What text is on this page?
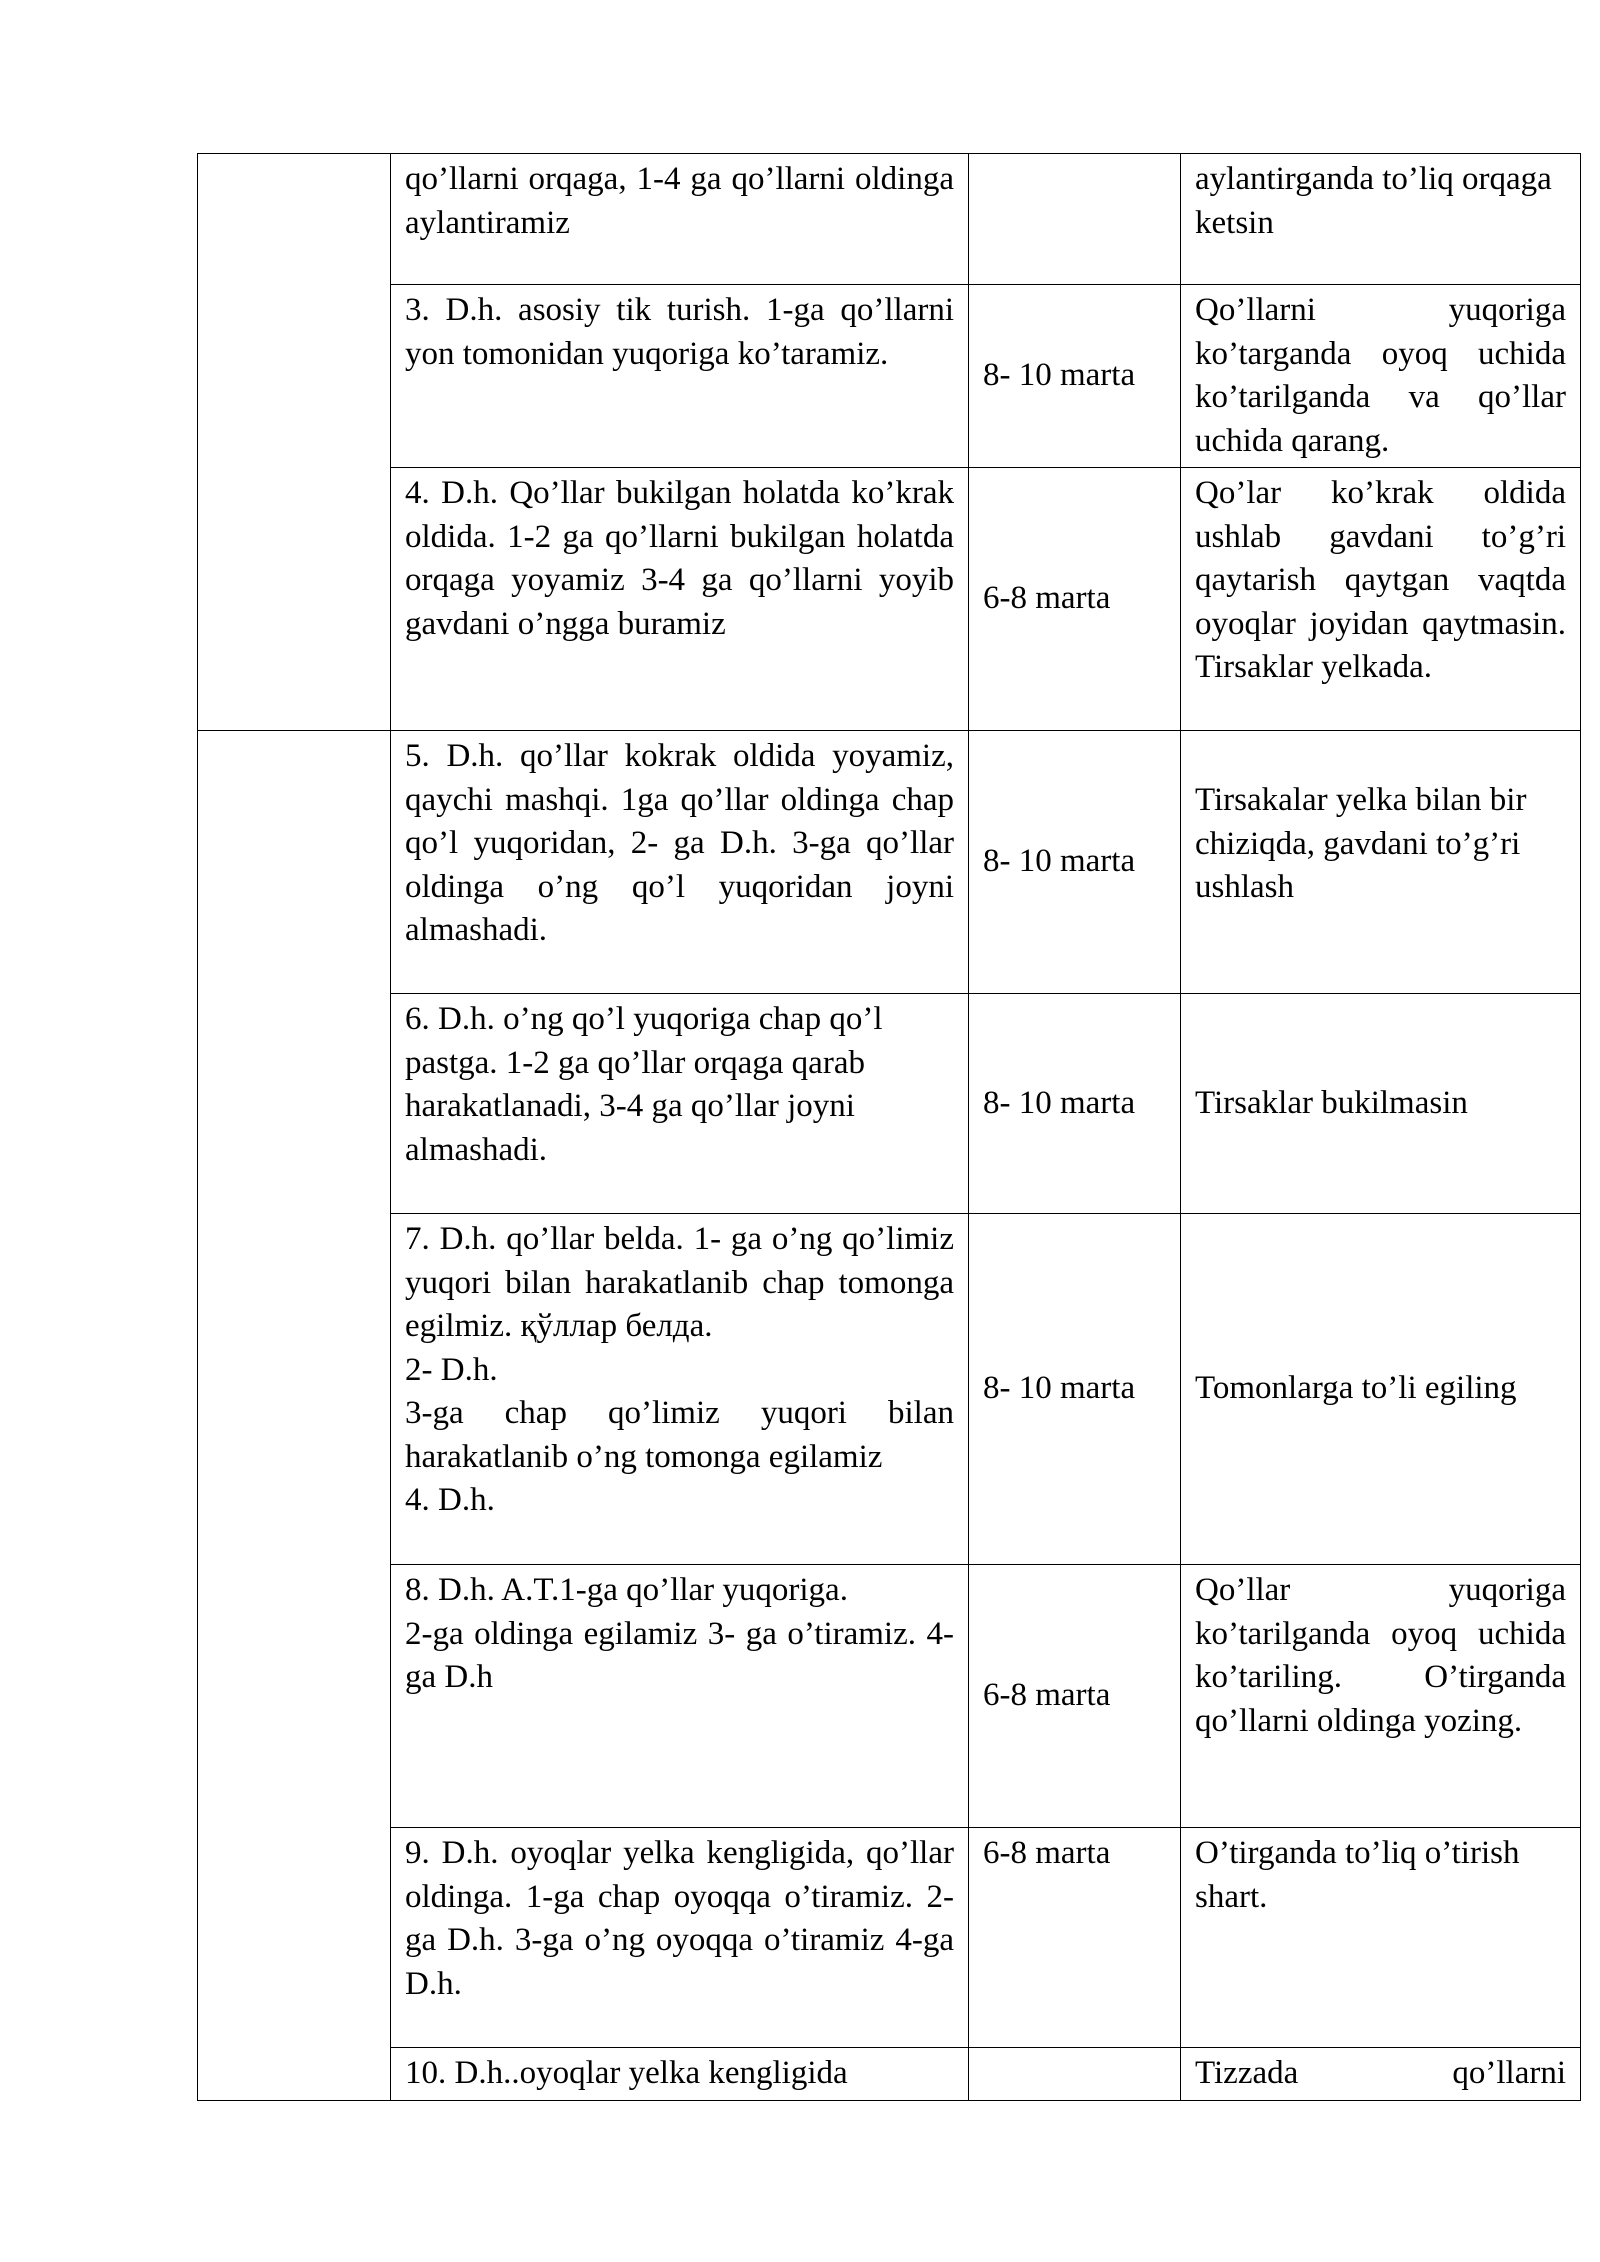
	qo’llarni orqaga, 1-4 ga qo’llarni oldinga aylantiramiz		aylantirganda to’liq orqaga ketsin
	3. D.h. asosiy tik turish. 1-ga qo’llarni yon tomonidan yuqoriga ko’taramiz.	8- 10 marta	Qo’llarni yuqoriga ko’targanda oyoq uchida ko’tarilganda va qo’llar uchida qarang.
	4. D.h. Qo’llar bukilgan holatda ko’krak oldida. 1-2 ga qo’llarni bukilgan holatda orqaga yoyamiz 3-4 ga qo’llarni yoyib gavdani o’ngga buramiz	6-8 marta	Qo’lar ko’krak oldida ushlab gavdani to’g’ri qaytarish qaytgan vaqtda oyoqlar joyidan qaytmasin. Tirsaklar yelkada.
	5. D.h. qo’llar kokrak oldida yoyamiz, qaychi mashqi. 1ga qo’llar oldinga chap qo’l yuqoridan, 2- ga D.h. 3-ga qo’llar oldinga o’ng qo’l yuqoridan joyni almashadi.	8- 10 marta	Tirsakalar yelka bilan bir chiziqda, gavdani to’g’ri ushlash
	6. D.h. o’ng qo’l yuqoriga chap qo’l pastga. 1-2 ga qo’llar orqaga qarab harakatlanadi, 3-4 ga qo’llar joyni almashadi.	8- 10 marta	Tirsaklar bukilmasin

	7. D.h. qo’llar belda. 1- ga o’ng qo’limiz yuqori bilan harakatlanib chap tomonga egilmiz. қўллар белда.
2- D.h.
3-ga chap qo’limiz yuqori bilan harakatlanib o’ng tomonga egilamiz
4. D.h.	8- 10 marta	Tomonlarga to’li egiling

	8. D.h. A.T.1-ga qo’llar yuqoriga.
2-ga oldinga egilamiz 3- ga o’tiramiz. 4- ga D.h	6-8 marta	Qo’llar yuqoriga ko’tarilganda oyoq uchida ko’tariling. O’tirganda qo’llarni oldinga yozing.
	9. D.h. oyoqlar yelka kengligida, qo’llar oldinga. 1-ga chap oyoqqa o’tiramiz. 2-ga D.h. 3-ga o’ng oyoqqa o’tiramiz 4-ga D.h.	6-8 marta	O’tirganda to’liq o’tirish shart.
	10. D.h..oyoqlar yelka kengligida		Tizzada qo’llarni
